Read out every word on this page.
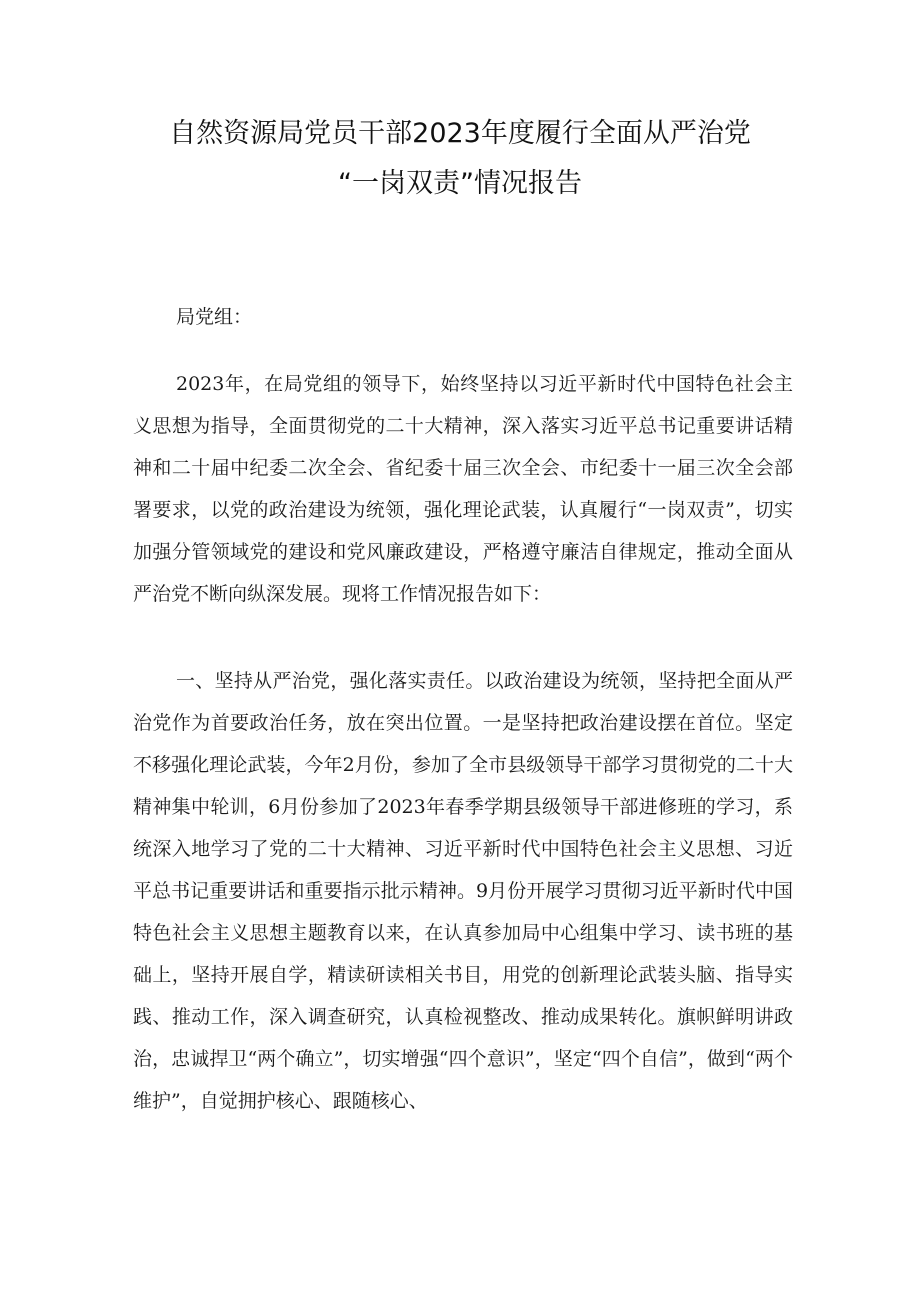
自然资源局党员干部2023年度履行全面从严治党
“一岗双责”情况报告
局党组：
2023年，在局党组的领导下，始终坚持以习近平新时代中国特色社会主义思想为指导，全面贯彻党的二十大精神，深入落实习近平总书记重要讲话精神和二十届中纪委二次全会、省纪委十届三次全会、市纪委十一届三次全会部署要求，以党的政治建设为统领，强化理论武装，认真履行“一岗双责”，切实加强分管领域党的建设和党风廉政建设，严格遵守廉洁自律规定，推动全面从严治党不断向纵深发展。现将工作情况报告如下：
一、坚持从严治党，强化落实责任。以政治建设为统领，坚持把全面从严治党作为首要政治任务，放在突出位置。一是坚持把政治建设摆在首位。坚定不移强化理论武装，今年2月份，参加了全市县级领导干部学习贯彻党的二十大精神集中轮训，6月份参加了2023年春季学期县级领导干部进修班的学习，系统深入地学习了党的二十大精神、习近平新时代中国特色社会主义思想、习近平总书记重要讲话和重要指示批示精神。9月份开展学习贯彻习近平新时代中国特色社会主义思想主题教育以来，在认真参加局中心组集中学习、读书班的基础上，坚持开展自学，精读研读相关书目，用党的创新理论武装头脑、指导实践、推动工作，深入调查研究，认真检视整改、推动成果转化。旗帜鲜明讲政治，忠诚捍卫“两个确立”，切实增强“四个意识”，坚定“四个自信”，做到“两个维护”，自觉拥护核心、跟随核心、
